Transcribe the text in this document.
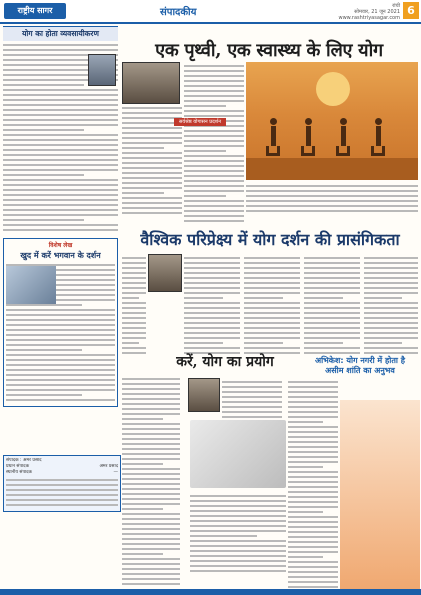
राष्ट्रीय सागर	संपादकीय
रांची
सोमवार, 21 जून 2021
www.rashtriyasagar.com
6
योग का होता व्यवसायीकरण
विशेष लेख
खुद में करें भगवान के दर्शन
संपादक : अमर प्रसाद
प्रधान संपादक	अमर प्रसाद
स्थानीय संपादक	—
एक पृथ्वी, एक स्वास्थ्य के लिए योग
सर्वश्रेष्ठ योगासन प्रदर्शन
वैश्विक परिप्रेक्ष्य में योग दर्शन की प्रासंगिकता
करें, योग का प्रयोग	अभिकेश: योग नगरी में होता है असीम शांति का अनुभव
